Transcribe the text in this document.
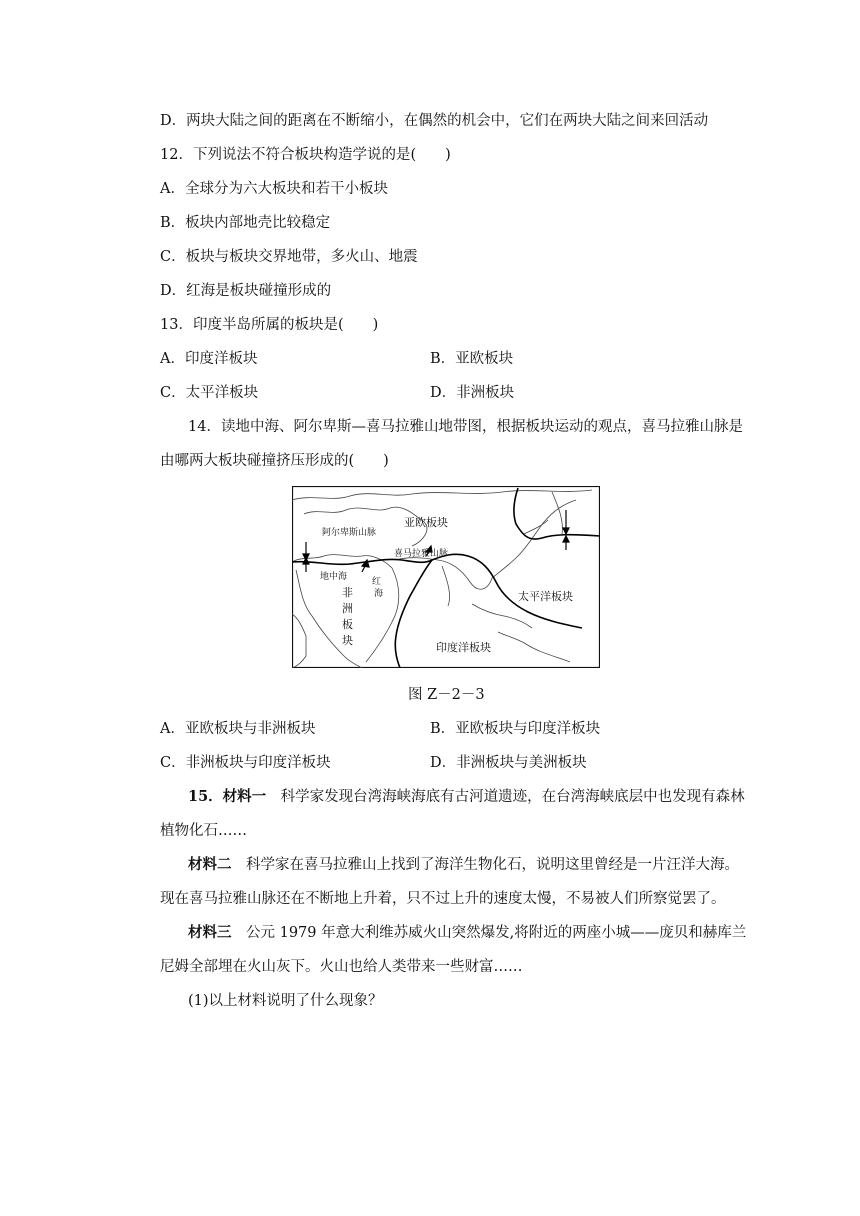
D．两块大陆之间的距离在不断缩小，在偶然的机会中，它们在两块大陆之间来回活动
12．下列说法不符合板块构造学说的是(　　)
A．全球分为六大板块和若干小板块
B．板块内部地壳比较稳定
C．板块与板块交界地带，多火山、地震
D．红海是板块碰撞形成的
13．印度半岛所属的板块是(　　)
A．印度洋板块	B．亚欧板块
C．太平洋板块	D．非洲板块
14．读地中海、阿尔卑斯—喜马拉雅山地带图，根据板块运动的观点，喜马拉雅山脉是
由哪两大板块碰撞挤压形成的(　　)
亚欧板块
阿尔卑斯山脉
喜马拉雅山脉
地中海	红
海
非
洲
板
块
太平洋板块
印度洋板块
图 Z－2－3
A．亚欧板块与非洲板块	B．亚欧板块与印度洋板块
C．非洲板块与印度洋板块	D．非洲板块与美洲板块
15．材料一　科学家发现台湾海峡海底有古河道遗迹，在台湾海峡底层中也发现有森林
植物化石……
材料二　科学家在喜马拉雅山上找到了海洋生物化石，说明这里曾经是一片汪洋大海。
现在喜马拉雅山脉还在不断地上升着，只不过上升的速度太慢，不易被人们所察觉罢了。
材料三　公元 1979 年意大利维苏威火山突然爆发,将附近的两座小城——庞贝和赫库兰
尼姆全部埋在火山灰下。火山也给人类带来一些财富……
(1)以上材料说明了什么现象？
